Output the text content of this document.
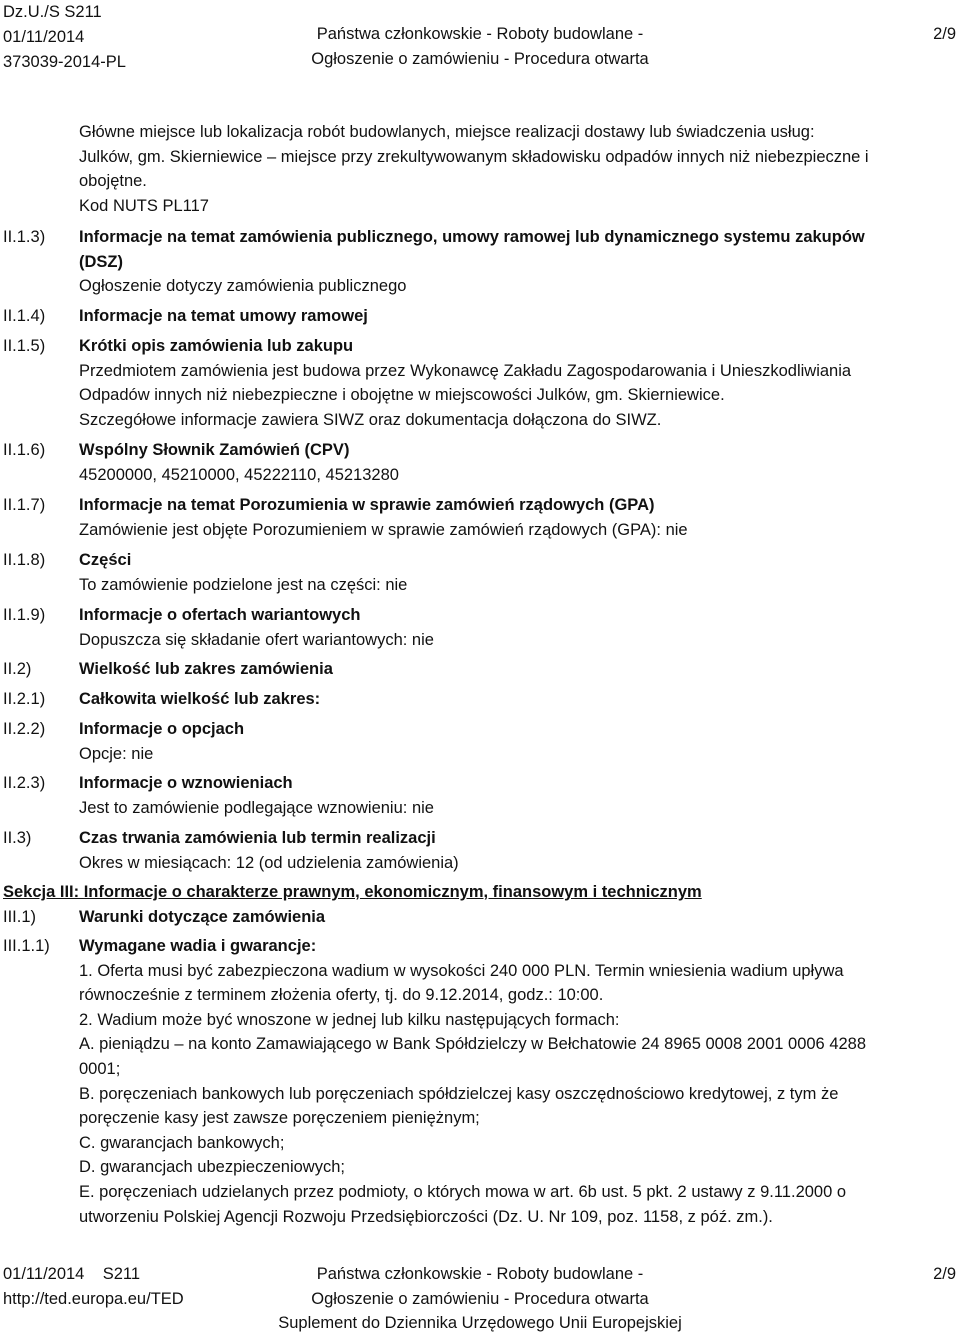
Dz.U./S S211
01/11/2014
373039-2014-PL
Państwa członkowskie - Roboty budowlane -
Ogłoszenie o zamówieniu - Procedura otwarta
2/9
Główne miejsce lub lokalizacja robót budowlanych, miejsce realizacji dostawy lub świadczenia usług:
Julków, gm. Skierniewice – miejsce przy zrekultywowanym składowisku odpadów innych niż niebezpieczne i
obojętne.
Kod NUTS PL117
II.1.3) Informacje na temat zamówienia publicznego, umowy ramowej lub dynamicznego systemu zakupów
(DSZ)
Ogłoszenie dotyczy zamówienia publicznego
II.1.4) Informacje na temat umowy ramowej
II.1.5) Krótki opis zamówienia lub zakupu
Przedmiotem zamówienia jest budowa przez Wykonawcę Zakładu Zagospodarowania i Unieszkodliwiania
Odpadów innych niż niebezpieczne i obojętne w miejscowości Julków, gm. Skierniewice.
Szczegółowe informacje zawiera SIWZ oraz dokumentacja dołączona do SIWZ.
II.1.6) Wspólny Słownik Zamówień (CPV)
45200000, 45210000, 45222110, 45213280
II.1.7) Informacje na temat Porozumienia w sprawie zamówień rządowych (GPA)
Zamówienie jest objęte Porozumieniem w sprawie zamówień rządowych (GPA): nie
II.1.8) Części
To zamówienie podzielone jest na części: nie
II.1.9) Informacje o ofertach wariantowych
Dopuszcza się składanie ofert wariantowych: nie
II.2)	Wielkość lub zakres zamówienia
II.2.1) Całkowita wielkość lub zakres:
II.2.2) Informacje o opcjach
Opcje: nie
II.2.3) Informacje o wznowieniach
Jest to zamówienie podlegające wznowieniu: nie
II.3)	Czas trwania zamówienia lub termin realizacji
Okres w miesiącach: 12 (od udzielenia zamówienia)
Sekcja III: Informacje o charakterze prawnym, ekonomicznym, finansowym i technicznym
III.1)	Warunki dotyczące zamówienia
III.1.1) Wymagane wadia i gwarancje:
1. Oferta musi być zabezpieczona wadium w wysokości 240 000 PLN. Termin wniesienia wadium upływa
równocześnie z terminem złożenia oferty, tj. do 9.12.2014, godz.: 10:00.
2. Wadium może być wnoszone w jednej lub kilku następujących formach:
A. pieniądzu – na konto Zamawiającego w Bank Spółdzielczy w Bełchatowie 24 8965 0008 2001 0006 4288
0001;
B. poręczeniach bankowych lub poręczeniach spółdzielczej kasy oszczędnościowo kredytowej, z tym że
poręczenie kasy jest zawsze poręczeniem pieniężnym;
C. gwarancjach bankowych;
D. gwarancjach ubezpieczeniowych;
E. poręczeniach udzielanych przez podmioty, o których mowa w art. 6b ust. 5 pkt. 2 ustawy z 9.11.2000 o
utworzeniu Polskiej Agencji Rozwoju Przedsiębiorczości (Dz. U. Nr 109, poz. 1158, z póź. zm.).
01/11/2014 S211
http://ted.europa.eu/TED
Państwa członkowskie - Roboty budowlane -
Ogłoszenie o zamówieniu - Procedura otwarta
Suplement do Dziennika Urzędowego Unii Europejskiej
2/9
